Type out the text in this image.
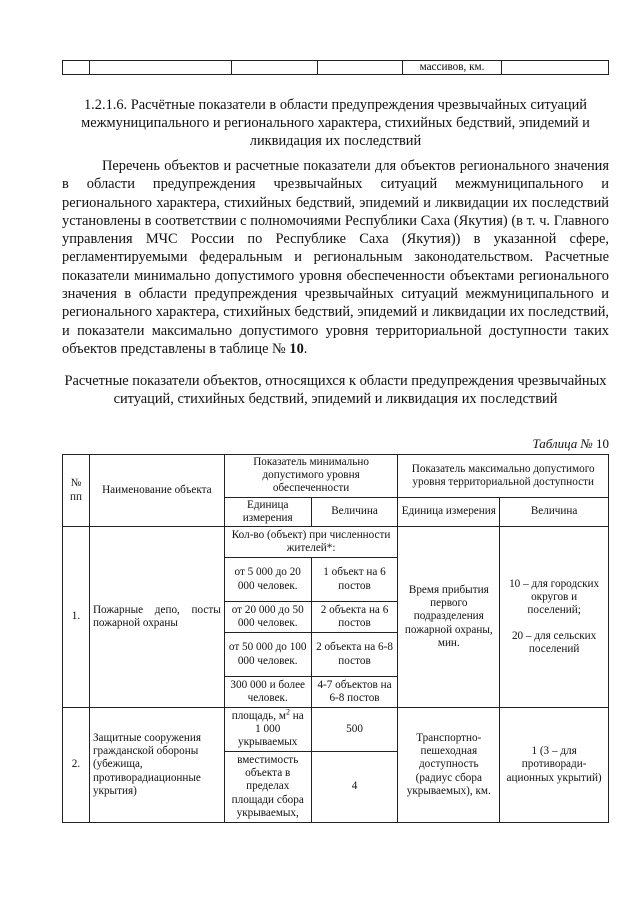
				массивов, км.	

1.2.1.6. Расчётные показатели в области предупреждения чрезвычайных ситуаций межмуниципального и регионального характера, стихийных бедствий, эпидемий и ликвидация их последствий

Перечень объектов и расчетные показатели для объектов регионального значения в области предупреждения чрезвычайных ситуаций межмуниципального и регионального характера, стихийных бедствий, эпидемий и ликвидации их последствий установлены в соответствии с полномочиями Республики Саха (Якутия) (в т. ч. Главного управления МЧС России по Республике Саха (Якутия)) в указанной сфере, регламентируемыми федеральным и региональным законодательством. Расчетные показатели минимально допустимого уровня обеспеченности объектами регионального значения в области предупреждения чрезвычайных ситуаций межмуниципального и регионального характера, стихийных бедствий, эпидемий и ликвидации их последствий, и показатели максимально допустимого уровня территориальной доступности таких объектов представлены в таблице № 10.

Расчетные показатели объектов, относящихся к области предупреждения чрезвычайных ситуаций, стихийных бедствий, эпидемий и ликвидация их последствий

Таблица № 10
№ пп	Наименование объекта	Показатель минимально допустимого уровня обеспеченности		Показатель максимально допустимого уровня территориальной доступности	
		Единица измерения	Величина	Единица измерения	Величина
1.	Пожарные депо, посты пожарной охраны	Кол-во (объект) при численности жителей*:		Время прибытия первого подразделения пожарной охраны, мин.	10 – для городских округов и поселений;
20 – для сельских поселений

		от 5 000 до 20 000 человек.	1 объект на 6 постов		
		от 20 000 до 50 000 человек.	2 объекта на 6 постов		
		от 50 000 до 100 000 человек.	2 объекта на 6-8 постов		
		300 000 и более человек.	4-7 объектов на 6-8 постов		
2.	Защитные сооружения гражданской обороны (убежища, противорадиационные укрытия)	площадь, $м^2$ на 1 000 укрываемых	500	Транспортно-пешеходная доступность (радиус сбора укрываемых), км.	1 (3 – для противоради-ационных укрытий)
		вместимость объекта в пределах площади сбора укрываемых,	4		
